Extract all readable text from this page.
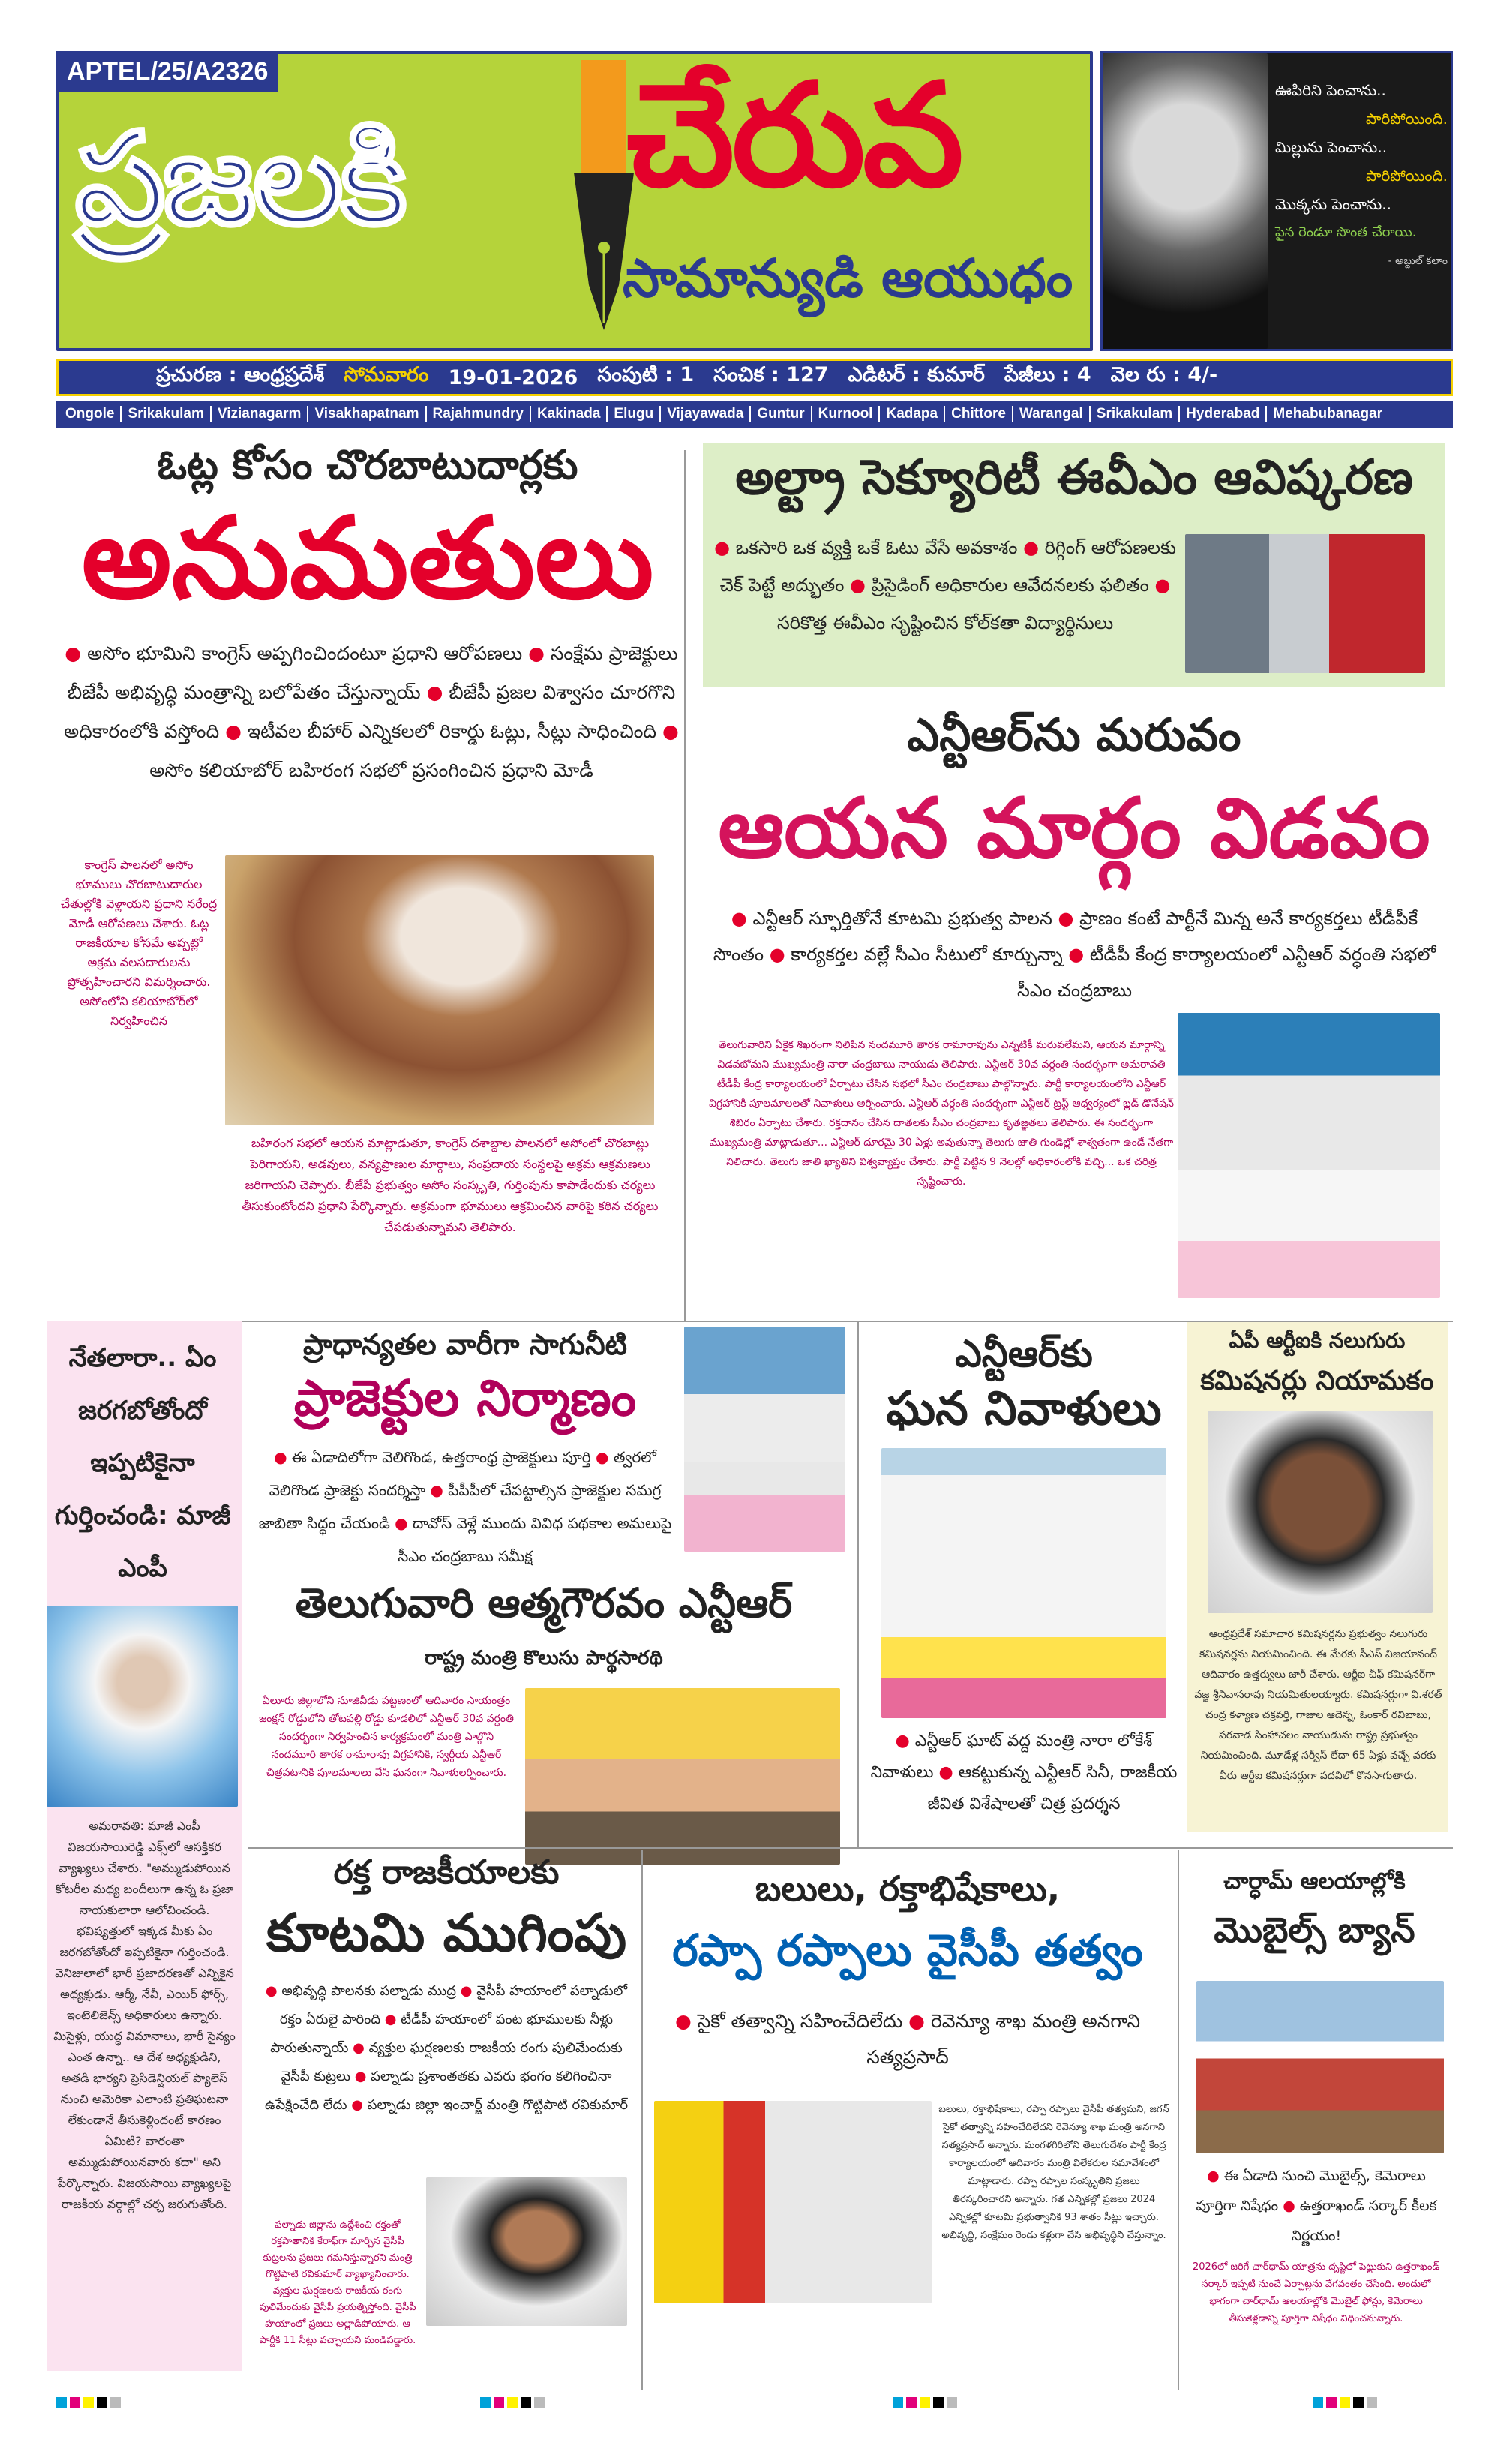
APTEL/25/A2326
ప్రజలకి చేరువ
సామాన్యుడి ఆయుధం
ఊపిరిని పెంచాను..
పారిపోయింది.
మిల్లును పెంచాను..
పారిపోయింది.
మొక్కను పెంచాను..
పైన రెండూ సొంత చేరాయి.
- అబ్దుల్ కలాం
ప్రచురణ : ఆంధ్రప్రదేశ్ సోమవారం 19-01-2026 సంపుటి : 1 సంచిక : 127 ఎడిటర్ : కుమార్ పేజీలు : 4 వెల రు : 4/-
Ongole Srikakulam Vizianagarm Visakhapatnam Rajahmundry Kakinada Elugu Vijayawada Guntur Kurnool Kadapa Chittore Warangal Srikakulam Hyderabad Mehabubanagar
ఓట్ల కోసం చొరబాటుదార్లకు
అనుమతులు
● అసోం భూమిని కాంగ్రెస్ అప్పగించిందంటూ ప్రధాని ఆరోపణలు ● సంక్షేమ ప్రాజెక్టులు బీజేపీ అభివృద్ధి మంత్రాన్ని బలోపేతం చేస్తున్నాయ్ ● బీజేపీ ప్రజల విశ్వాసం చూరగొని అధికారంలోకి వస్తోంది ● ఇటీవల బీహార్ ఎన్నికలలో రికార్డు ఓట్లు, సీట్లు సాధించింది ● అసోం కలియాబోర్ బహిరంగ సభలో ప్రసంగించిన ప్రధాని మోడీ
కాంగ్రెస్ పాలనలో అసోం భూములు చొరబాటుదారుల చేతుల్లోకి వెళ్లాయని ప్రధాని నరేంద్ర మోడీ ఆరోపణలు చేశారు. ఓట్ల రాజకీయాల కోసమే అప్పట్లో అక్రమ వలసదారులను ప్రోత్సహించారని విమర్శించారు. అసోంలోని కలియాబోర్‌లో నిర్వహించిన
బహిరంగ సభలో ఆయన మాట్లాడుతూ, కాంగ్రెస్ దశాబ్దాల పాలనలో అసోంలో చొరబాట్లు పెరిగాయని, అడవులు, వన్యప్రాణుల మార్గాలు, సంప్రదాయ సంస్థలపై అక్రమ ఆక్రమణలు జరిగాయని చెప్పారు. బీజేపీ ప్రభుత్వం అసోం సంస్కృతి, గుర్తింపును కాపాడేందుకు చర్యలు తీసుకుంటోందని ప్రధాని పేర్కొన్నారు. అక్రమంగా భూములు ఆక్రమించిన వారిపై కఠిన చర్యలు చేపడుతున్నామని తెలిపారు.
అల్ట్రా సెక్యూరిటీ ఈవీఎం ఆవిష్కరణ
● ఒకసారి ఒక వ్యక్తి ఒకే ఓటు వేసే అవకాశం ● రిగ్గింగ్ ఆరోపణలకు చెక్ పెట్టే అద్భుతం ● ప్రిసైడింగ్ అధికారుల ఆవేదనలకు ఫలితం ● సరికొత్త ఈవీఎం సృష్టించిన కోల్‌కతా విద్యార్థినులు
ఎన్టీఆర్‌ను మరువం
ఆయన మార్గం విడవం
● ఎన్టీఆర్ స్ఫూర్తితోనే కూటమి ప్రభుత్వ పాలన ● ప్రాణం కంటే పార్టీనే మిన్న అనే కార్యకర్తలు టీడీపీకే సొంతం ● కార్యకర్తల వల్లే సీఎం సీటులో కూర్చున్నా ● టీడీపీ కేంద్ర కార్యాలయంలో ఎన్టీఆర్ వర్ధంతి సభలో సీఎం చంద్రబాబు
తెలుగువారిని ఏకైక శిఖరంగా నిలిపిన నందమూరి తారక రామారావును ఎన్నటికీ మరువలేమని, ఆయన మార్గాన్ని విడవబోమని ముఖ్యమంత్రి నారా చంద్రబాబు నాయుడు తెలిపారు. ఎన్టీఆర్ 30వ వర్ధంతి సందర్భంగా అమరావతి టీడీపీ కేంద్ర కార్యాలయంలో ఏర్పాటు చేసిన సభలో సీఎం చంద్రబాబు పాల్గొన్నారు. పార్టీ కార్యాలయంలోని ఎన్టీఆర్ విగ్రహానికి పూలమాలలతో నివాళులు అర్పించారు. ఎన్టీఆర్ వర్ధంతి సందర్భంగా ఎన్టీఆర్ ట్రస్ట్ ఆధ్వర్యంలో బ్లడ్ డొనేషన్ శిబిరం ఏర్పాటు చేశారు. రక్తదానం చేసిన దాతలకు సీఎం చంద్రబాబు కృతజ్ఞతలు తెలిపారు. ఈ సందర్భంగా ముఖ్యమంత్రి మాట్లాడుతూ... ఎన్టీఆర్ దూరమై 30 ఏళ్లు అవుతున్నా తెలుగు జాతి గుండెల్లో శాశ్వతంగా ఉండే నేతగా నిలిచారు. తెలుగు జాతి ఖ్యాతిని విశ్వవ్యాప్తం చేశారు. పార్టీ పెట్టిన 9 నెలల్లో అధికారంలోకి వచ్చి... ఒక చరిత్ర సృష్టించారు.
నేతలారా.. ఏం జరగబోతోందో ఇప్పటికైనా గుర్తించండి: మాజీ ఎంపీ
అమరావతి: మాజీ ఎంపీ విజయసాయిరెడ్డి ఎక్స్‌లో ఆసక్తికర వ్యాఖ్యలు చేశారు. "అమ్ముడుపోయిన కోటరీల మధ్య బందీలుగా ఉన్న ఓ ప్రజా నాయకులారా ఆలోచించండి. భవిష్యత్తులో ఇక్కడ మీకు ఏం జరగబోతోందో ఇప్పటికైనా గుర్తించండి. వెనిజులాలో భారీ ప్రజాదరణతో ఎన్నికైన అధ్యక్షుడు. ఆర్మీ, నేవీ, ఎయిర్ ఫోర్స్, ఇంటెలిజెన్స్ అధికారులు ఉన్నారు. మిసైళ్లు, యుద్ధ విమానాలు, భారీ సైన్యం ఎంత ఉన్నా.. ఆ దేశ అధ్యక్షుడిని, అతడి భార్యని ప్రెసిడెన్షియల్ ప్యాలెస్ నుంచి అమెరికా ఎలాంటి ప్రతిఘటనా లేకుండానే తీసుకెళ్లిందంటే కారణం ఏమిటి? వారంతా అమ్ముడుపోయినవారు కదా" అని పేర్కొన్నారు. విజయసాయి వ్యాఖ్యలపై రాజకీయ వర్గాల్లో చర్చ జరుగుతోంది.
ప్రాధాన్యతల వారీగా సాగునీటి
ప్రాజెక్టుల నిర్మాణం
● ఈ ఏడాదిలోగా వెలిగొండ, ఉత్తరాంధ్ర ప్రాజెక్టులు పూర్తి ● త్వరలో వెలిగొండ ప్రాజెక్టు సందర్శిస్తా ● పీపీపీలో చేపట్టాల్సిన ప్రాజెక్టుల సమగ్ర జాబితా సిద్ధం చేయండి ● దావోస్ వెళ్లే ముందు వివిధ పథకాల అమలుపై సీఎం చంద్రబాబు సమీక్ష
తెలుగువారి ఆత్మగౌరవం ఎన్టీఆర్
రాష్ట్ర మంత్రి కొలుసు పార్థసారథి
ఏలూరు జిల్లాలోని నూజివీడు పట్టణంలో ఆదివారం సాయంత్రం జంక్షన్ రోడ్డులోని తోటపల్లి రోడ్డు కూడలిలో ఎన్టీఆర్ 30వ వర్ధంతి సందర్భంగా నిర్వహించిన కార్యక్రమంలో మంత్రి పాల్గొని నందమూరి తారక రామారావు విగ్రహానికి, స్వర్గీయ ఎన్టీఆర్ చిత్రపటానికి పూలమాలలు వేసి ఘనంగా నివాళులర్పించారు.
ఎన్టీఆర్‌కు
ఘన నివాళులు
● ఎన్టీఆర్ ఘాట్ వద్ద మంత్రి నారా లోకేశ్ నివాళులు ● ఆకట్టుకున్న ఎన్టీఆర్ సినీ, రాజకీయ జీవిత విశేషాలతో చిత్ర ప్రదర్శన
ఏపీ ఆర్టీఐకి నలుగురు
కమిషనర్లు నియామకం
ఆంధ్రప్రదేశ్ సమాచార కమిషనర్లను ప్రభుత్వం నలుగురు కమిషనర్లను నియమించింది. ఈ మేరకు సీఎస్ విజయానంద్ ఆదివారం ఉత్తర్వులు జారీ చేశారు. ఆర్టీఐ చీఫ్ కమిషనర్‌గా వజ్జ శ్రీనివాసరావు నియమితులయ్యారు. కమిషనర్లుగా వి.శరత్ చంద్ర కళ్యాణ చక్రవర్తి, గాజుల ఆదెన్న, ఓంకార్ రవిబాబు, పరవాడ సింహాచలం నాయుడును రాష్ట్ర ప్రభుత్వం నియమించింది. మూడేళ్ల సర్వీస్ లేదా 65 ఏళ్లు వచ్చే వరకు వీరు ఆర్టీఐ కమిషనర్లుగా పదవిలో కొనసాగుతారు.
రక్త రాజకీయాలకు
కూటమి ముగింపు
● అభివృద్ధి పాలనకు పల్నాడు ముద్ర ● వైసీపీ హయాంలో పల్నాడులో రక్తం ఏరులై పారింది ● టీడీపీ హయాంలో పంట భూములకు నీళ్లు పారుతున్నాయ్ ● వ్యక్తుల ఘర్షణలకు రాజకీయ రంగు పులిమేందుకు వైసీపీ కుట్రలు ● పల్నాడు ప్రశాంతతకు ఎవరు భంగం కలిగించినా ఉపేక్షించేది లేదు ● పల్నాడు జిల్లా ఇంచార్జ్ మంత్రి గొట్టిపాటి రవికుమార్
పల్నాడు జిల్లాను ఉద్దేశించి రక్తంతో రక్తపాతానికి కేరాఫ్‌గా మార్చిన వైసీపీ కుట్రలను ప్రజలు గమనిస్తున్నారని మంత్రి గొట్టిపాటి రవికుమార్ వ్యాఖ్యానించారు. వ్యక్తుల ఘర్షణలకు రాజకీయ రంగు పులిమేందుకు వైసీపీ ప్రయత్నిస్తోంది. వైసీపీ హయాంలో ప్రజలు అల్లాడిపోయారు. ఆ పార్టీకి 11 సీట్లు వచ్చాయని మండిపడ్డారు.
బలులు, రక్తాభిషేకాలు,
రప్పా రప్పాలు వైసీపీ తత్వం
● సైకో తత్వాన్ని సహించేదిలేదు ● రెవెన్యూ శాఖ మంత్రి అనగాని సత్యప్రసాద్
బలులు, రక్తాభిషేకాలు, రప్పా రప్పాలు వైసీపీ తత్వమని, జగన్ సైకో తత్వాన్ని సహించేదిలేదని రెవెన్యూ శాఖ మంత్రి అనగాని సత్యప్రసాద్ అన్నారు. మంగళగిరిలోని తెలుగుదేశం పార్టీ కేంద్ర కార్యాలయంలో ఆదివారం మంత్రి విలేకరుల సమావేశంలో మాట్లాడారు. రప్పా రప్పాల సంస్కృతిని ప్రజలు తిరస్కరించారని అన్నారు. గత ఎన్నికల్లో ప్రజలు 2024 ఎన్నికల్లో కూటమి ప్రభుత్వానికి 93 శాతం సీట్లు ఇచ్చారు. అభివృద్ధి, సంక్షేమం రెండు కళ్లుగా చేసి అభివృద్ధిని చేస్తున్నాం.
చార్ధామ్ ఆలయాల్లోకి
మొబైల్స్ బ్యాన్
● ఈ ఏడాది నుంచి మొబైల్స్, కెమెరాలు పూర్తిగా నిషేధం ● ఉత్తరాఖండ్ సర్కార్ కీలక నిర్ణయం!
2026లో జరిగే చార్‌ధామ్ యాత్రను దృష్టిలో పెట్టుకుని ఉత్తరాఖండ్ సర్కార్ ఇప్పటి నుంచే ఏర్పాట్లను వేగవంతం చేసింది. అందులో భాగంగా చార్‌ధామ్ ఆలయాల్లోకి మొబైల్ ఫోన్లు, కెమెరాలు తీసుకెళ్లడాన్ని పూర్తిగా నిషేధం విధించనున్నారు.
